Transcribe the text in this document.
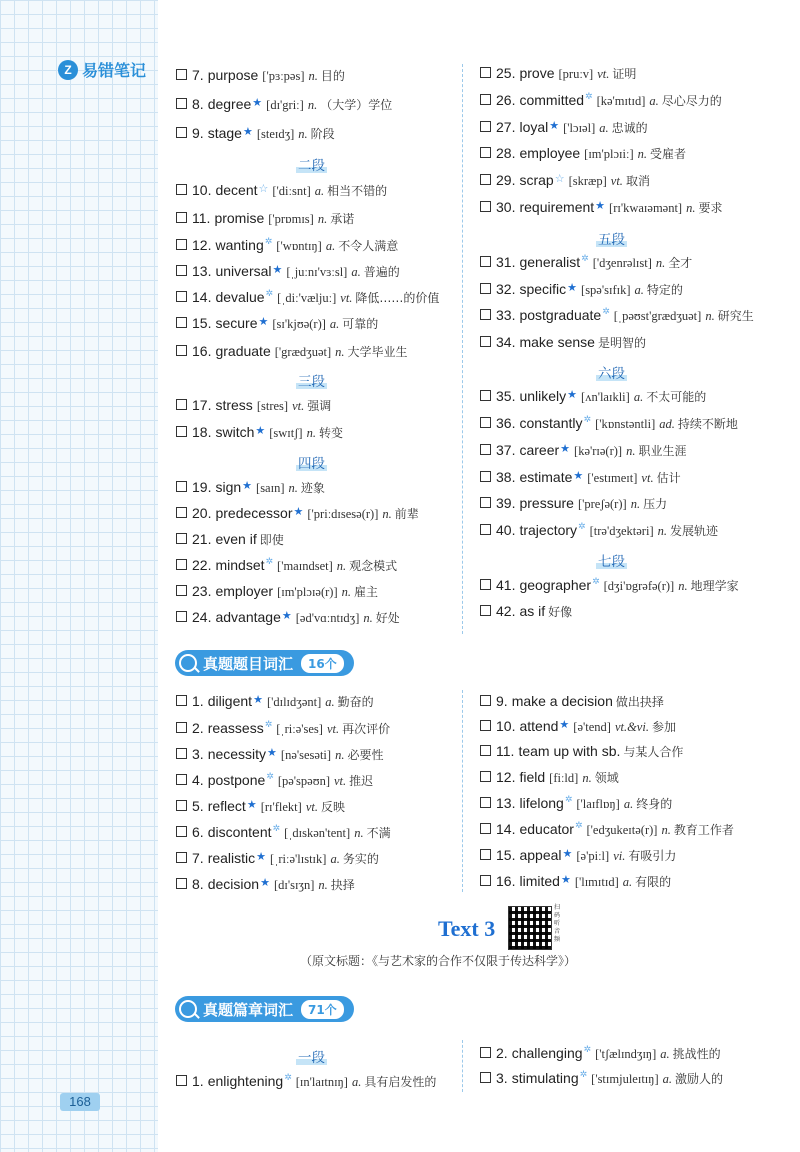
Z 易错笔记
二段
三段
四段
五段
六段
七段
7. purpose ['pɜːpəs] n. 目的
8. degree ★ [dɪ'griː] n. （大学）学位
9. stage ★ [steɪdʒ] n. 阶段
10. decent ☆ ['diːsnt] a. 相当不错的
11. promise ['prɒmɪs] n. 承诺
12. wanting ✲ ['wɒntɪŋ] a. 不令人满意
13. universal ★ [ˌjuːnɪ'vɜːsl] a. 普遍的
14. devalue ✲ [ˌdiː'væljuː] vt. 降低……的价值
15. secure ★ [sɪ'kjʊə(r)] a. 可靠的
16. graduate ['grædʒuət] n. 大学毕业生
17. stress [stres] vt. 强调
18. switch ★ [swɪtʃ] n. 转变
19. sign ★ [saɪn] n. 迹象
20. predecessor ★ ['priːdɪsesə(r)] n. 前辈
21. even if 即使
22. mindset ✲ ['maɪndset] n. 观念模式
23. employer [ɪm'plɔɪə(r)] n. 雇主
24. advantage ★ [əd'vɑːntɪdʒ] n. 好处
25. prove [pruːv] vt. 证明
26. committed ✲ [kə'mɪtɪd] a. 尽心尽力的
27. loyal ★ ['lɔɪəl] a. 忠诚的
28. employee [ɪm'plɔɪiː] n. 受雇者
29. scrap ☆ [skræp] vt. 取消
30. requirement ★ [rɪ'kwaɪəmənt] n. 要求
31. generalist ✲ ['dʒenrəlɪst] n. 全才
32. specific ★ [spə'sɪfɪk] a. 特定的
33. postgraduate ✲ [ˌpəʊst'grædʒuət] n. 研究生
34. make sense 是明智的
35. unlikely ★ [ʌn'laɪkli] a. 不太可能的
36. constantly ✲ ['kɒnstəntli] ad. 持续不断地
37. career ★ [kə'rɪə(r)] n. 职业生涯
38. estimate ★ ['estɪmeɪt] vt. 估计
39. pressure ['preʃə(r)] n. 压力
40. trajectory ✲ [trə'dʒektəri] n. 发展轨迹
41. geographer ✲ [dʒi'ɒgrəfə(r)] n. 地理学家
42. as if 好像
真题题目词汇	16个
1. diligent ★ ['dɪlɪdʒənt] a. 勤奋的
2. reassess ✲ [ˌriːə'ses] vt. 再次评价
3. necessity ★ [nə'sesəti] n. 必要性
4. postpone ✲ [pə'spəʊn] vt. 推迟
5. reflect ★ [rɪ'flekt] vt. 反映
6. discontent ✲ [ˌdɪskən'tent] n. 不满
7. realistic ★ [ˌriːə'lɪstɪk] a. 务实的
8. decision ★ [dɪ'sɪʒn] n. 抉择
9. make a decision 做出抉择
10. attend ★ [ə'tend] vt.&vi. 参加
11. team up with sb. 与某人合作
12. field [fiːld] n. 领域
13. lifelong ✲ ['laɪflɒŋ] a. 终身的
14. educator ✲ ['edʒukeɪtə(r)] n. 教育工作者
15. appeal ★ [ə'piːl] vi. 有吸引力
16. limited ★ ['lɪmɪtɪd] a. 有限的
Text 3
扫码听音频
（原文标题：《与艺术家的合作不仅限于传达科学》）
真题篇章词汇	71个
一段
1. enlightening ✲ [ɪn'laɪtnɪŋ] a. 具有启发性的
2. challenging ✲ ['tʃælɪndʒɪŋ] a. 挑战性的
3. stimulating ✲ ['stɪmjuleɪtɪŋ] a. 激励人的
168
